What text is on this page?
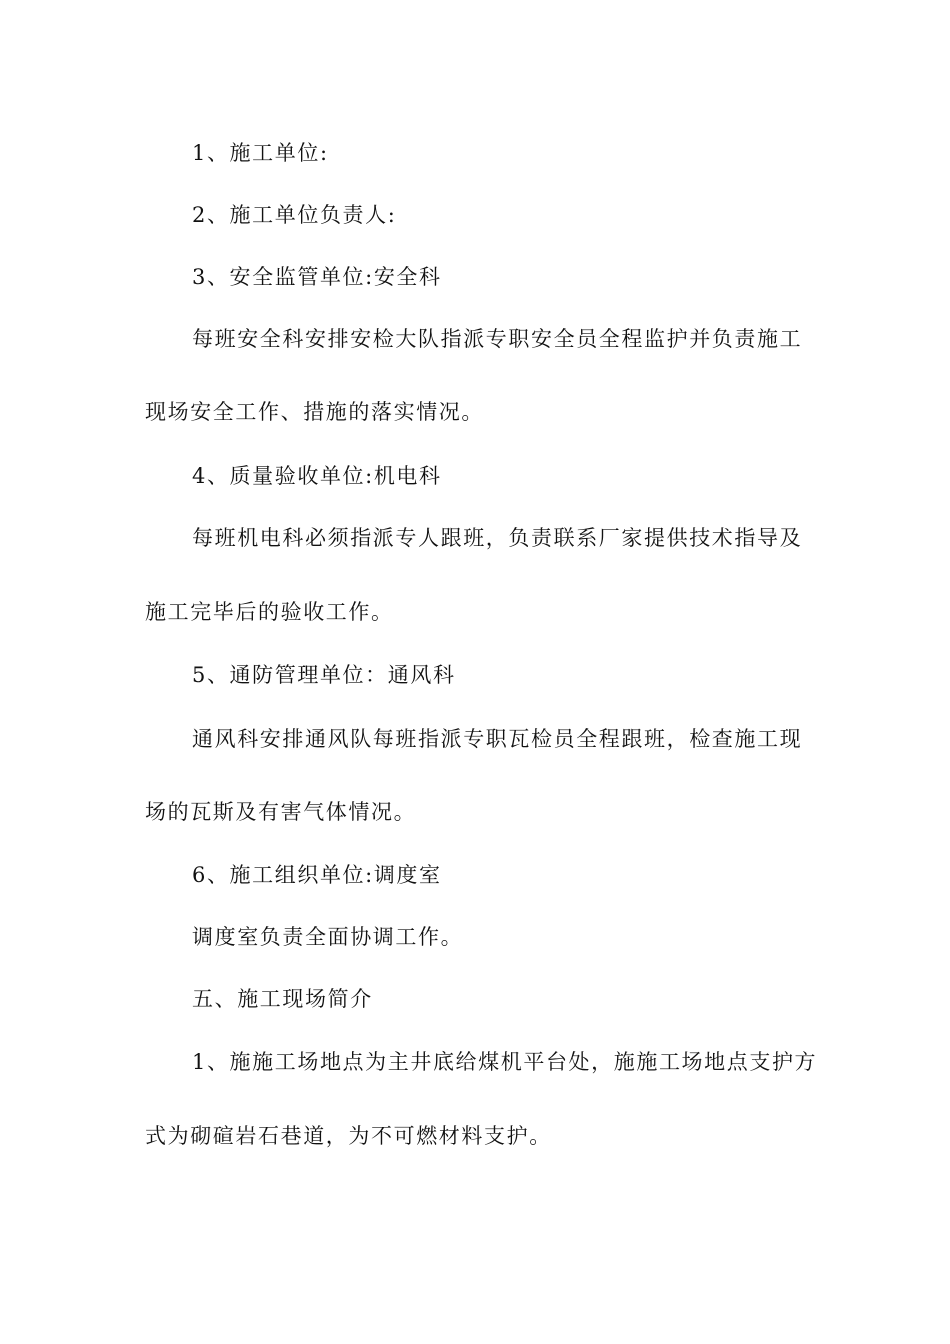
1、施工单位:
2、施工单位负责人:
3、安全监管单位:安全科
每班安全科安排安检大队指派专职安全员全程监护并负责施工
现场安全工作、措施的落实情况。
4、质量验收单位:机电科
每班机电科必须指派专人跟班，负责联系厂家提供技术指导及
施工完毕后的验收工作。
5、通防管理单位：通风科
通风科安排通风队每班指派专职瓦检员全程跟班，检查施工现
场的瓦斯及有害气体情况。
6、施工组织单位:调度室
调度室负责全面协调工作。
五、施工现场简介
1、施施工场地点为主井底给煤机平台处，施施工场地点支护方
式为砌碹岩石巷道，为不可燃材料支护。
